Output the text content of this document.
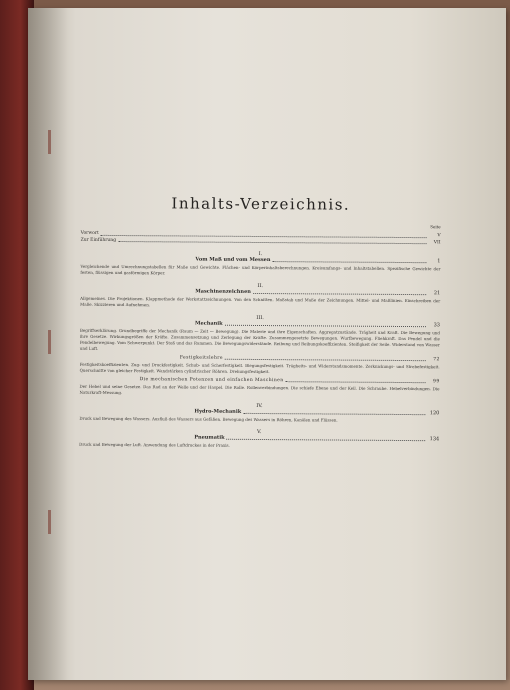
Inhalts-Verzeichnis.
Seite
Vorwort	V
Zur Einführung	VII
I.
Vom Maß und vom Messen	1
Vergleichende und Umrechnungstabellen für Maße und Gewichte. Flächen- und Körperinhaltsberechnungen. Kreisumfangs- und Inhaltstabellen. Spezifische Gewichte der festen, flüssigen und gasförmigen Körper.
II.
Maschinenzeichnen	21
Allgemeines. Die Projektionen. Klappmethode der Werkstattzeichnungen. Von den Schnitten. Maßstab und Maße der Zeichnungen. Mittel- und Maßlinien. Einschreiben der Maße. Skizzieren und Aufnehmen.
III.
Mechanik	33
Begriffserklärung. Grundbegriffe der Mechanik (Raum — Zeit — Bewegung). Die Materie und ihre Eigenschaften. Aggregatzustände. Trägheit und Kraft. Die Bewegung und ihre Gesetze. Wirkungsgrößen der Kräfte. Zusammensetzung und Zerlegung der Kräfte. Zusammengesetzte Bewegungen. Wurfbewegung. Fliehkraft. Das Pendel und die Pendelbewegung. Vom Schwerpunkt. Der Stoß und das Rammen. Die Bewegungswiderstände. Reibung und Reibungskoeffizienten. Steifigkeit der Seile. Widerstand von Wasser und Luft.
Festigkeitslehre	72
Festigkeitskoeffizienten. Zug- und Druckfestigkeit. Schub- und Scherfestigkeit. Biegungsfestigkeit. Trägheits- und Widerstandsmomente. Zerknickungs- und Strebefestigkeit. Querschnitte von gleicher Festigkeit. Wandstärken cylindrischer Röhren. Drehungsfestigkeit.
Die mechanischen Potenzen und einfachen Maschinen	99
Der Hebel und seine Gesetze. Das Rad an der Welle und der Haspel. Die Rolle. Rollenverbindungen. Die schiefe Ebene und der Keil. Die Schraube. Hebelverbindungen. Die Naturkraft-Messung.
IV.
Hydro-Mechanik	120
Druck und Bewegung des Wassers. Ausfluß des Wassers aus Gefäßen. Bewegung des Wassers in Röhren, Kanälen und Flüssen.
V.
Pneumatik	134
Druck und Bewegung der Luft. Anwendung des Luftdruckes in der Praxis.
